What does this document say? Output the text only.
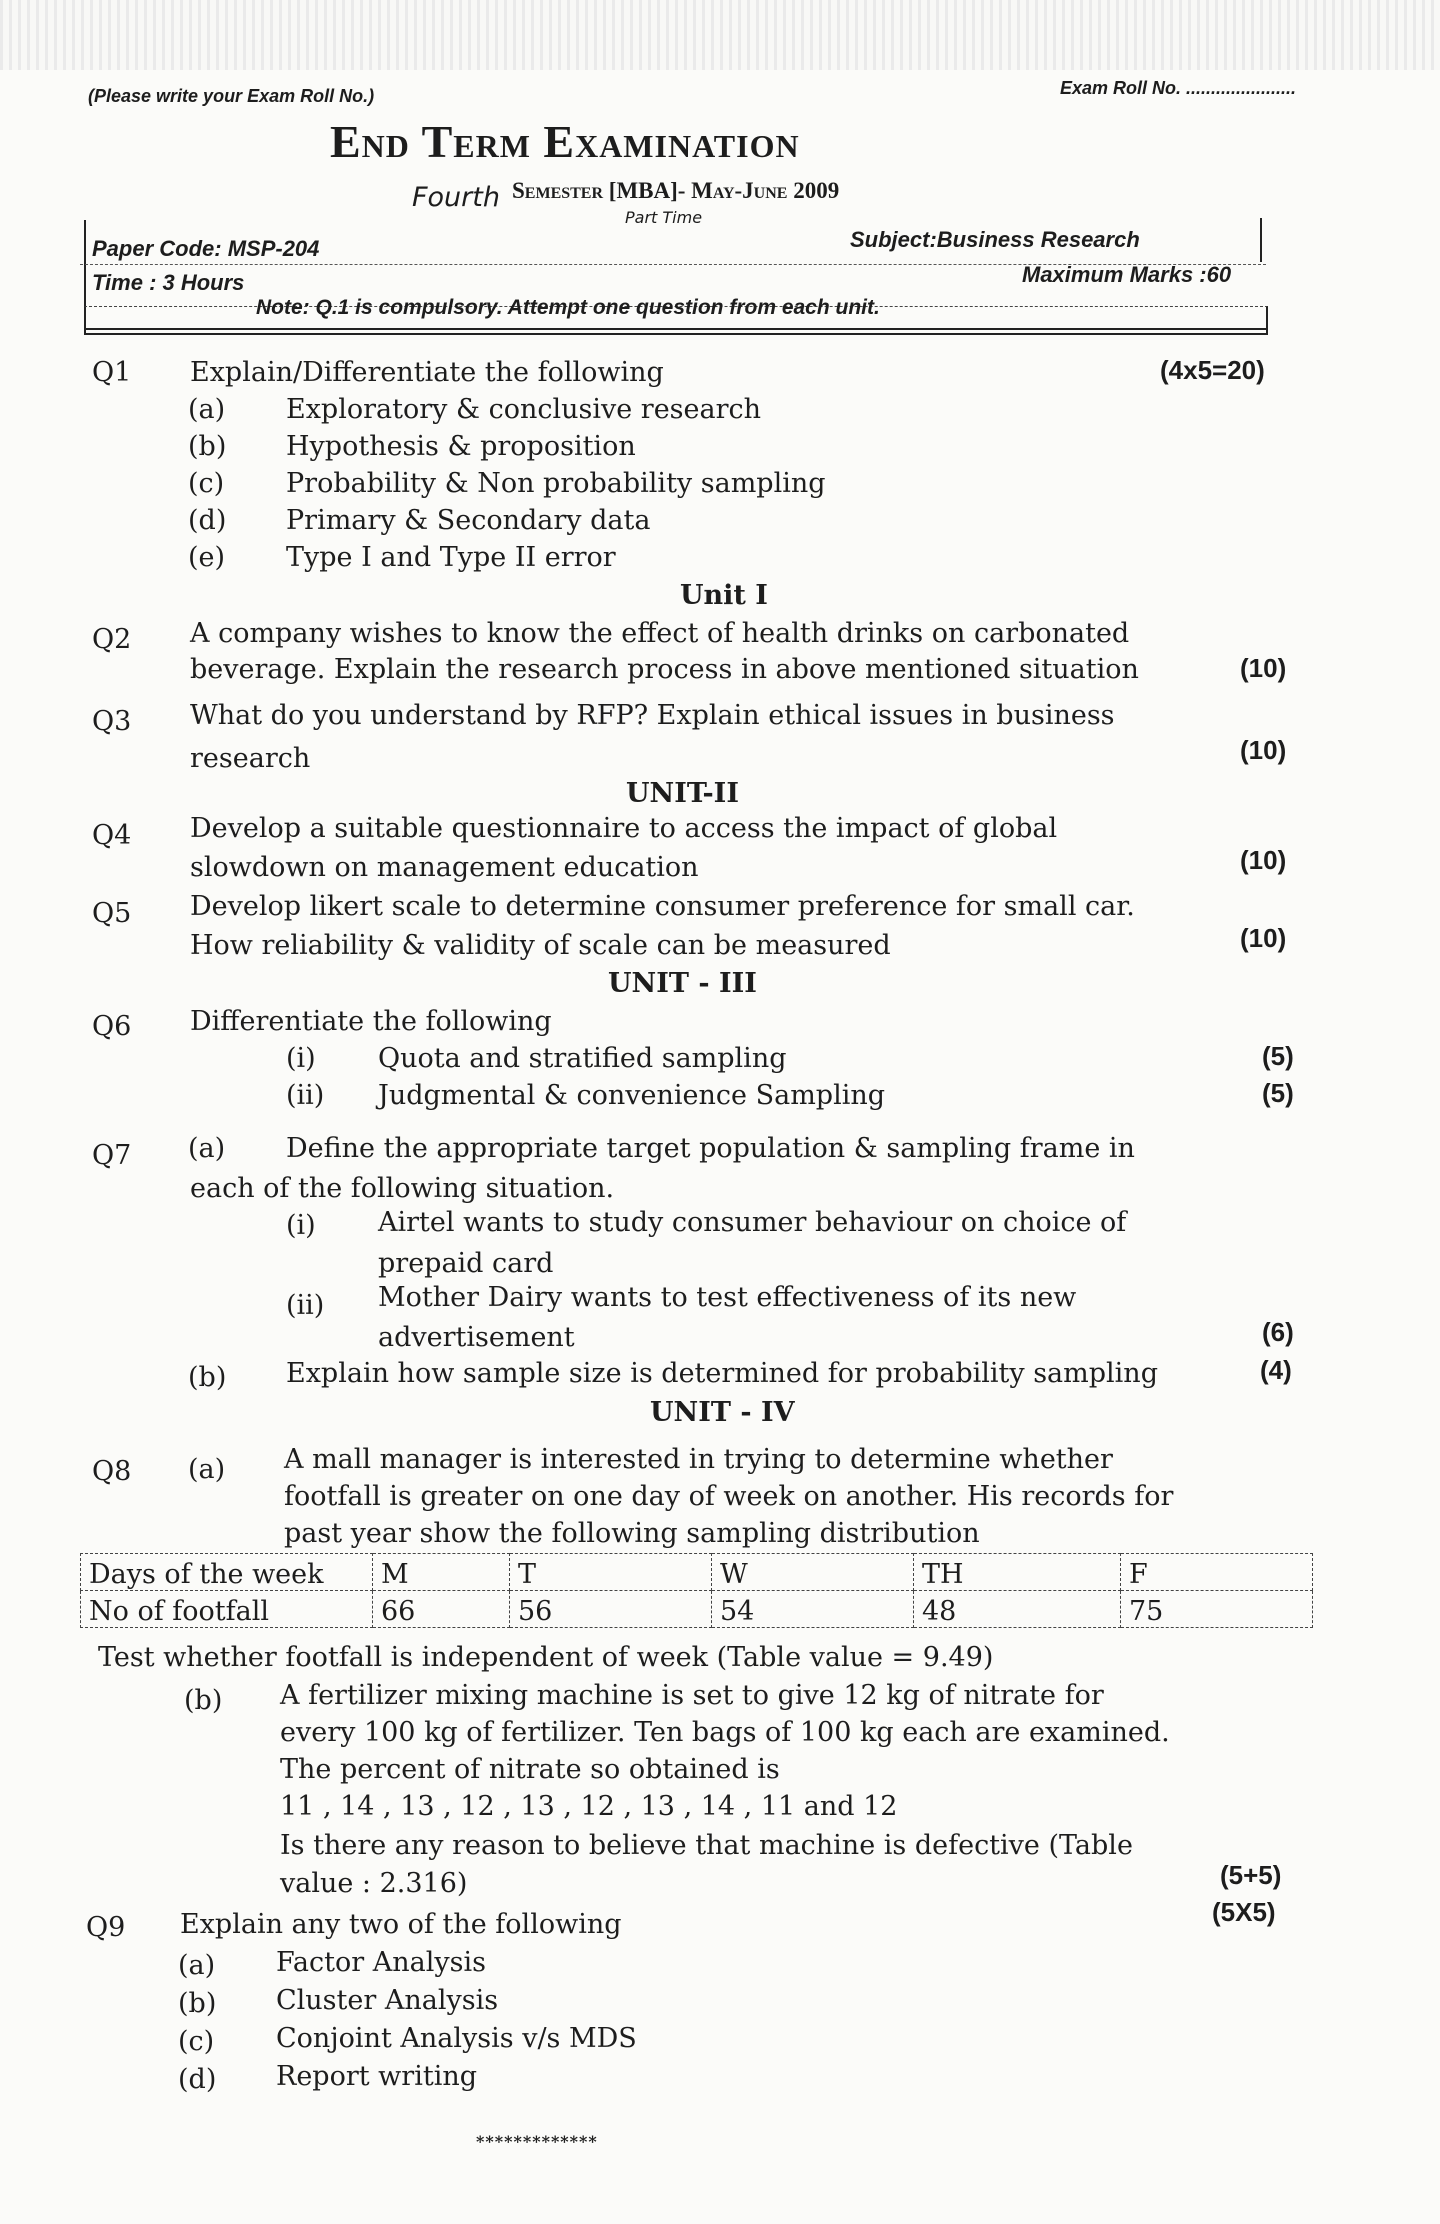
(Please write your Exam Roll No.)	Exam Roll No. ......................
End Term Examination
Fourth Semester [MBA]- May-June 2009
Part Time
Paper Code: MSP-204	Subject:Business Research
Time : 3 Hours	Maximum Marks :60
Note: Q.1 is compulsory. Attempt one question from each unit.
Q1 Explain/Differentiate the following	(4x5=20)
(a) Exploratory & conclusive research
(b) Hypothesis & proposition
(c) Probability & Non probability sampling
(d) Primary & Secondary data
(e) Type I and Type II error
Unit I
Q2 A company wishes to know the effect of health drinks on carbonated
beverage. Explain the research process in above mentioned situation	(10)
Q3 What do you understand by RFP? Explain ethical issues in business
research	(10)
UNIT-II
Q4 Develop a suitable questionnaire to access the impact of global
slowdown on management education	(10)
Q5 Develop likert scale to determine consumer preference for small car.
How reliability & validity of scale can be measured	(10)
UNIT - III
Q6 Differentiate the following
(i) Quota and stratified sampling	(5)
(ii) Judgmental & convenience Sampling	(5)
Q7 (a) Define the appropriate target population & sampling frame in
each of the following situation.
(i) Airtel wants to study consumer behaviour on choice of
prepaid card
(ii) Mother Dairy wants to test effectiveness of its new
advertisement	(6)
(b) Explain how sample size is determined for probability sampling	(4)
UNIT - IV
Q8 (a) A mall manager is interested in trying to determine whether
footfall is greater on one day of week on another. His records for
past year show the following sampling distribution
Days of the week	M	T	W	TH	F
No of footfall	66	56	54	48	75
Test whether footfall is independent of week (Table value = 9.49)
(b) A fertilizer mixing machine is set to give 12 kg of nitrate for
every 100 kg of fertilizer. Ten bags of 100 kg each are examined.
The percent of nitrate so obtained is
11 , 14 , 13 , 12 , 13 , 12 , 13 , 14 , 11 and 12
Is there any reason to believe that machine is defective (Table
value : 2.316)	(5+5)
Q9 Explain any two of the following	(5X5)
(a) Factor Analysis
(b) Cluster Analysis
(c) Conjoint Analysis v/s MDS
(d) Report writing
*************
